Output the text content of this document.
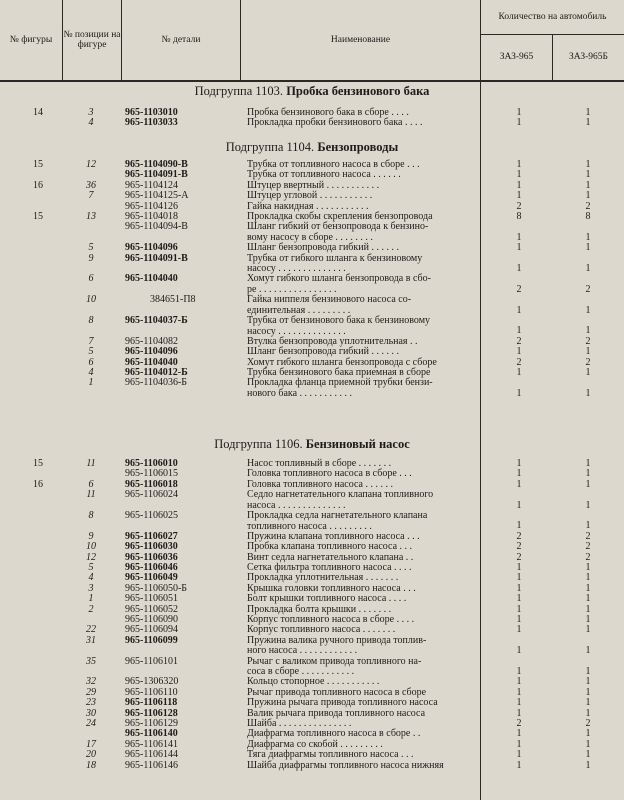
№ фигуры	№ позиции на фигуре	№ детали	Наименование
Количество на автомобиль
ЗАЗ-965	ЗАЗ-965Б
Подгруппа 1103. Пробка бензинового бака
14	3	965-1103010	Пробка бензинового бака в сборе . . . .	1	1
4	965-1103033	Прокладка пробки бензинового бака . . . .	1	1
Подгруппа 1104. Бензопроводы
15	12	965-1104090-В	Трубка от топливного насоса в сборе . . .	1	1
965-1104091-В	Трубка от топливного насоса . . . . . .	1	1
16	36	965-1104124	Штуцер ввертный . . . . . . . . . . .	1	1
7	965-1104125-А	Штуцер угловой . . . . . . . . . . .	1	1
965-1104126	Гайка накидная . . . . . . . . . . .	2	2
15	13	965-1104018	Прокладка скобы скрепления бензопровода	8	8
965-1104094-В	Шланг гибкий от бензопровода к бензино-
вому насосу в сборе . . . . . . . .	1	1
5	965-1104096	Шланг бензопровода гибкий . . . . . .	1	1
9	965-1104091-В	Трубка от гибкого шланга к бензиновому
насосу . . . . . . . . . . . . . .	1	1
6	965-1104040	Хомут гибкого шланга бензопровода в сбо-
рe . . . . . . . . . . . . . . . .	2	2
10	384651-П8	Гайка ниппеля бензинового насоса со-
единительная . . . . . . . . .	1	1
8	965-1104037-Б	Трубка от бензинового бака к бензиновому
насосу . . . . . . . . . . . . . .	1	1
7	965-1104082	Втулка бензопровода уплотнительная . .	2	2
5	965-1104096	Шланг бензопровода гибкий . . . . . .	1	1
6	965-1104040	Хомут гибкого шланга бензопровода с сборе	2	2
4	965-1104012-Б	Трубка бензинового бака приемная в сборе	1	1
1	965-1104036-Б	Прокладка фланца приемной трубки бензи-
нового бака . . . . . . . . . . .	1	1
Подгруппа 1106. Бензиновый насос
15	11	965-1106010	Насос топливный в сборе . . . . . . .	1	1
965-1106015	Головка топливного насоса в сборе . . .	1	1
16	6	965-1106018	Головка топливного насоса . . . . . .	1	1
11	965-1106024	Седло нагнетательного клапана топливного
насоса . . . . . . . . . . . . . .	1	1
8	965-1106025	Прокладка седла нагнетательного клапана
топливного насоса . . . . . . . . .	1	1
9	965-1106027	Пружина клапана топливного насоса . . .	2	2
10	965-1106030	Пробка клапана топливного насоса . . .	2	2
12	965-1106036	Винт седла нагнетательного клапана . .	2	2
5	965-1106046	Сетка фильтра топливного насоса . . . .	1	1
4	965-1106049	Прокладка уплотнительная . . . . . . .	1	1
3	965-1106050-Б	Крышка головки топливного насоса . . .	1	1
1	965-1106051	Болт крышки топливного насоса . . . .	1	1
2	965-1106052	Прокладка болта крышки . . . . . . .	1	1
965-1106090	Корпус топливного насоса в сборе . . . .	1	1
22	965-1106094	Корпус топливного насоса . . . . . . .	1	1
31	965-1106099	Пружина валика ручного привода топлив-
ного насоса . . . . . . . . . . . .	1	1
35	965-1106101	Рычаг с валиком привода топливного на-
coca в сборе . . . . . . . . . . .	1	1
32	965-1306320	Кольцо стопорное . . . . . . . . . . .	1	1
29	965-1106110	Рычаг привода топливного насоса в сборе	1	1
23	965-1106118	Пружина рычага привода топливного насоса	1	1
30	965-1106128	Валик рычага привода топливного насоса	1	1
24	965-1106129	Шайба . . . . . . . . . . . . . . .	2	2
965-1106140	Диафрагма топливного насоса в сборе . .	1	1
17	965-1106141	Диафрагма со скобой . . . . . . . . .	1	1
20	965-1106144	Тяга диафрагмы топливного насоса . . .	1	1
18	965-1106146	Шайба диафрагмы топливного насоса нижняя	1	1
